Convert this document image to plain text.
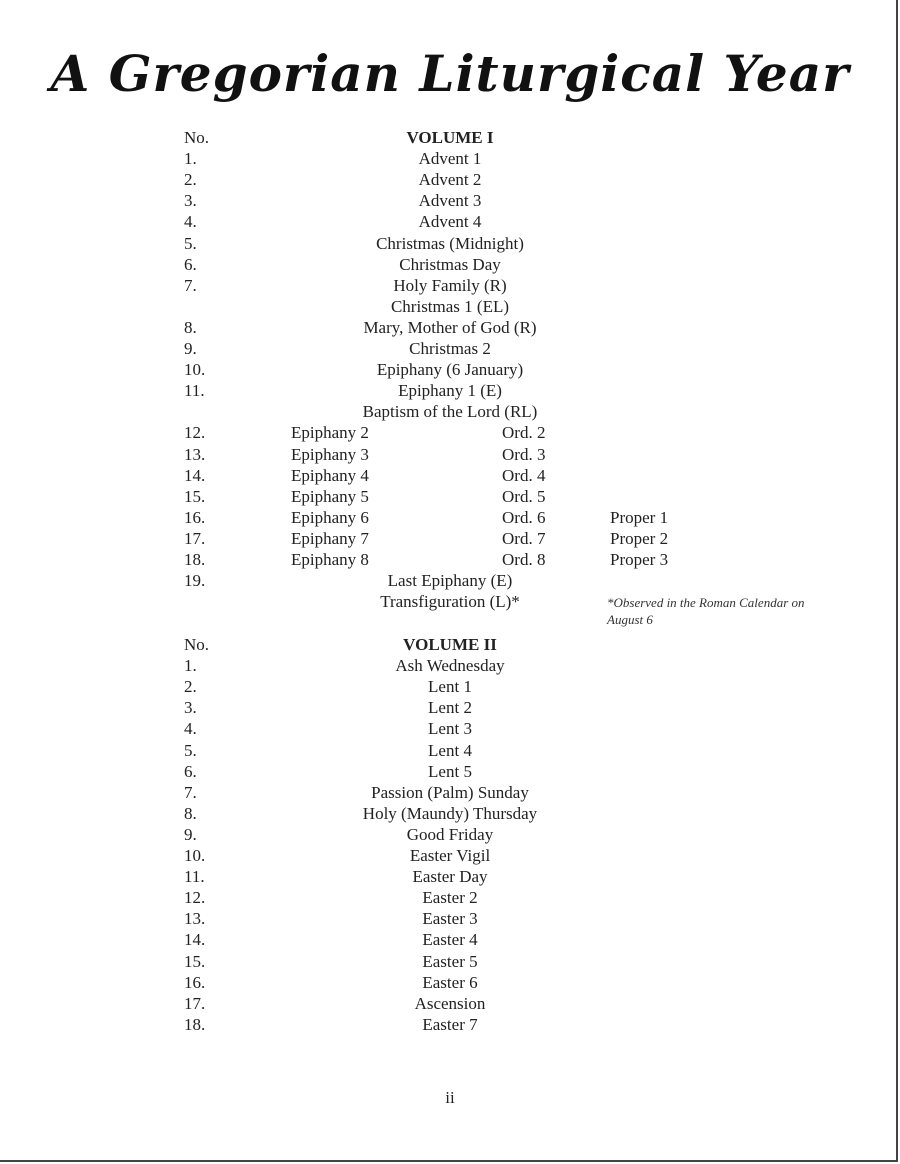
A Gregorian Liturgical Year
No.	VOLUME I
1.	Advent 1
2.	Advent 2
3.	Advent 3
4.	Advent 4
5.	Christmas (Midnight)
6.	Christmas Day
7.	Holy Family (R)
Christmas 1 (EL)
8.	Mary, Mother of God (R)
9.	Christmas 2
10.	Epiphany (6 January)
11.	Epiphany 1 (E)
Baptism of the Lord (RL)
12.	Epiphany 2	Ord. 2
13.	Epiphany 3	Ord. 3
14.	Epiphany 4	Ord. 4
15.	Epiphany 5	Ord. 5
16.	Epiphany 6	Ord. 6	Proper 1
17.	Epiphany 7	Ord. 7	Proper 2
18.	Epiphany 8	Ord. 8	Proper 3
19.	Last Epiphany (E)
Transfiguration (L)*
No.	VOLUME II
1.	Ash Wednesday
2.	Lent 1
3.	Lent 2
4.	Lent 3
5.	Lent 4
6.	Lent 5
7.	Passion (Palm) Sunday
8.	Holy (Maundy) Thursday
9.	Good Friday
10.	Easter Vigil
11.	Easter Day
12.	Easter 2
13.	Easter 3
14.	Easter 4
15.	Easter 5
16.	Easter 6
17.	Ascension
18.	Easter 7
*Observed in the Roman Calendar on August 6
ii
